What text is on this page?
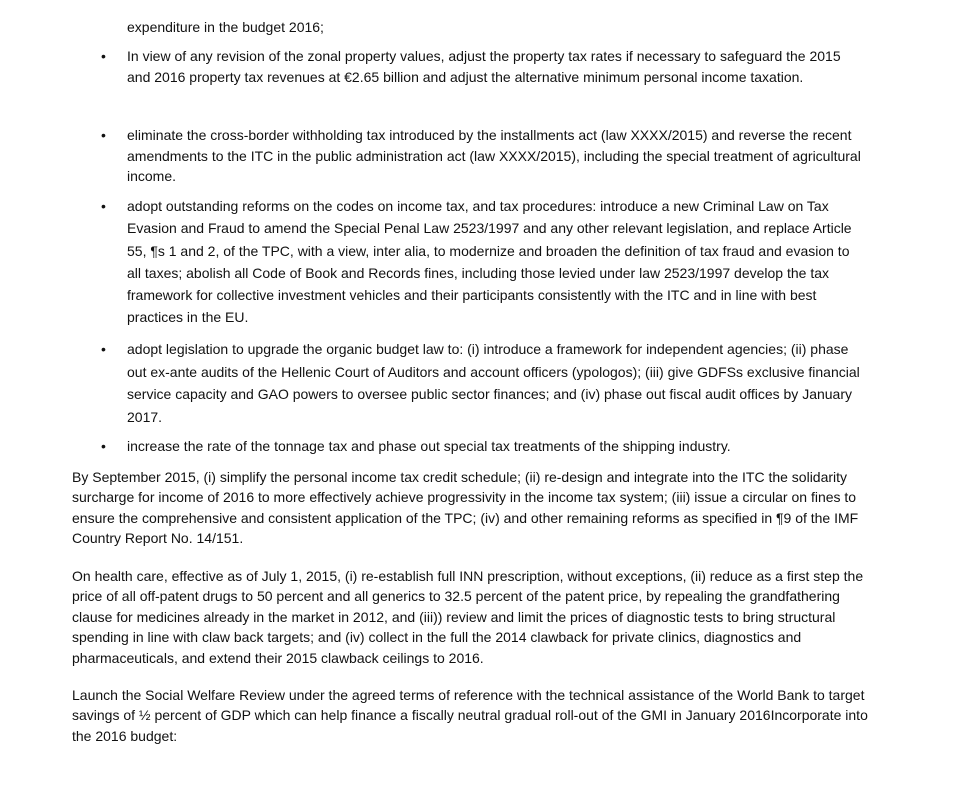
expenditure in the budget 2016;

•	In view of any revision of the zonal property values, adjust the property tax rates if necessary to safeguard the 2015 and 2016 property tax revenues at €2.65 billion and adjust the alternative minimum personal income taxation.
•	eliminate the cross-border withholding tax introduced by the installments act (law XXXX/2015) and reverse the recent amendments to the ITC in the public administration act (law XXXX/2015), including the special treatment of agricultural income.
•	adopt outstanding reforms on the codes on income tax, and tax procedures: introduce a new Criminal Law on Tax Evasion and Fraud to amend the Special Penal Law 2523/1997 and any other relevant legislation, and replace Article 55, ¶s 1 and 2, of the TPC, with a view, inter alia, to modernize and broaden the definition of tax fraud and evasion to all taxes; abolish all Code of Book and Records fines, including those levied under law 2523/1997 develop the tax framework for collective investment vehicles and their participants consistently with the ITC and in line with best practices in the EU.
•	adopt legislation to upgrade the organic budget law to: (i) introduce a framework for independent agencies; (ii) phase out ex-ante audits of the Hellenic Court of Auditors and account officers (ypologos); (iii) give GDFSs exclusive financial service capacity and GAO powers to oversee public sector finances; and (iv) phase out fiscal audit offices by January 2017.
•	increase the rate of the tonnage tax and phase out special tax treatments of the shipping industry.

By September 2015, (i) simplify the personal income tax credit schedule; (ii) re-design and integrate into the ITC the solidarity surcharge for income of 2016 to more effectively achieve progressivity in the income tax system; (iii) issue a circular on fines to ensure the comprehensive and consistent application of the TPC; (iv) and other remaining reforms as specified in ¶9 of the IMF Country Report No. 14/151.

On health care, effective as of July 1, 2015, (i) re-establish full INN prescription, without exceptions, (ii) reduce as a first step the price of all off-patent drugs to 50 percent and all generics to 32.5 percent of the patent price, by repealing the grandfathering clause for medicines already in the market in 2012, and (iii)) review and limit the prices of diagnostic tests to bring structural spending in line with claw back targets; and (iv) collect in the full the 2014 clawback for private clinics, diagnostics and pharmaceuticals, and extend their 2015 clawback ceilings to 2016.

Launch the Social Welfare Review under the agreed terms of reference with the technical assistance of the World Bank to target savings of ½ percent of GDP which can help finance a fiscally neutral gradual roll-out of the GMI in January 2016Incorporate into the 2016 budget:
